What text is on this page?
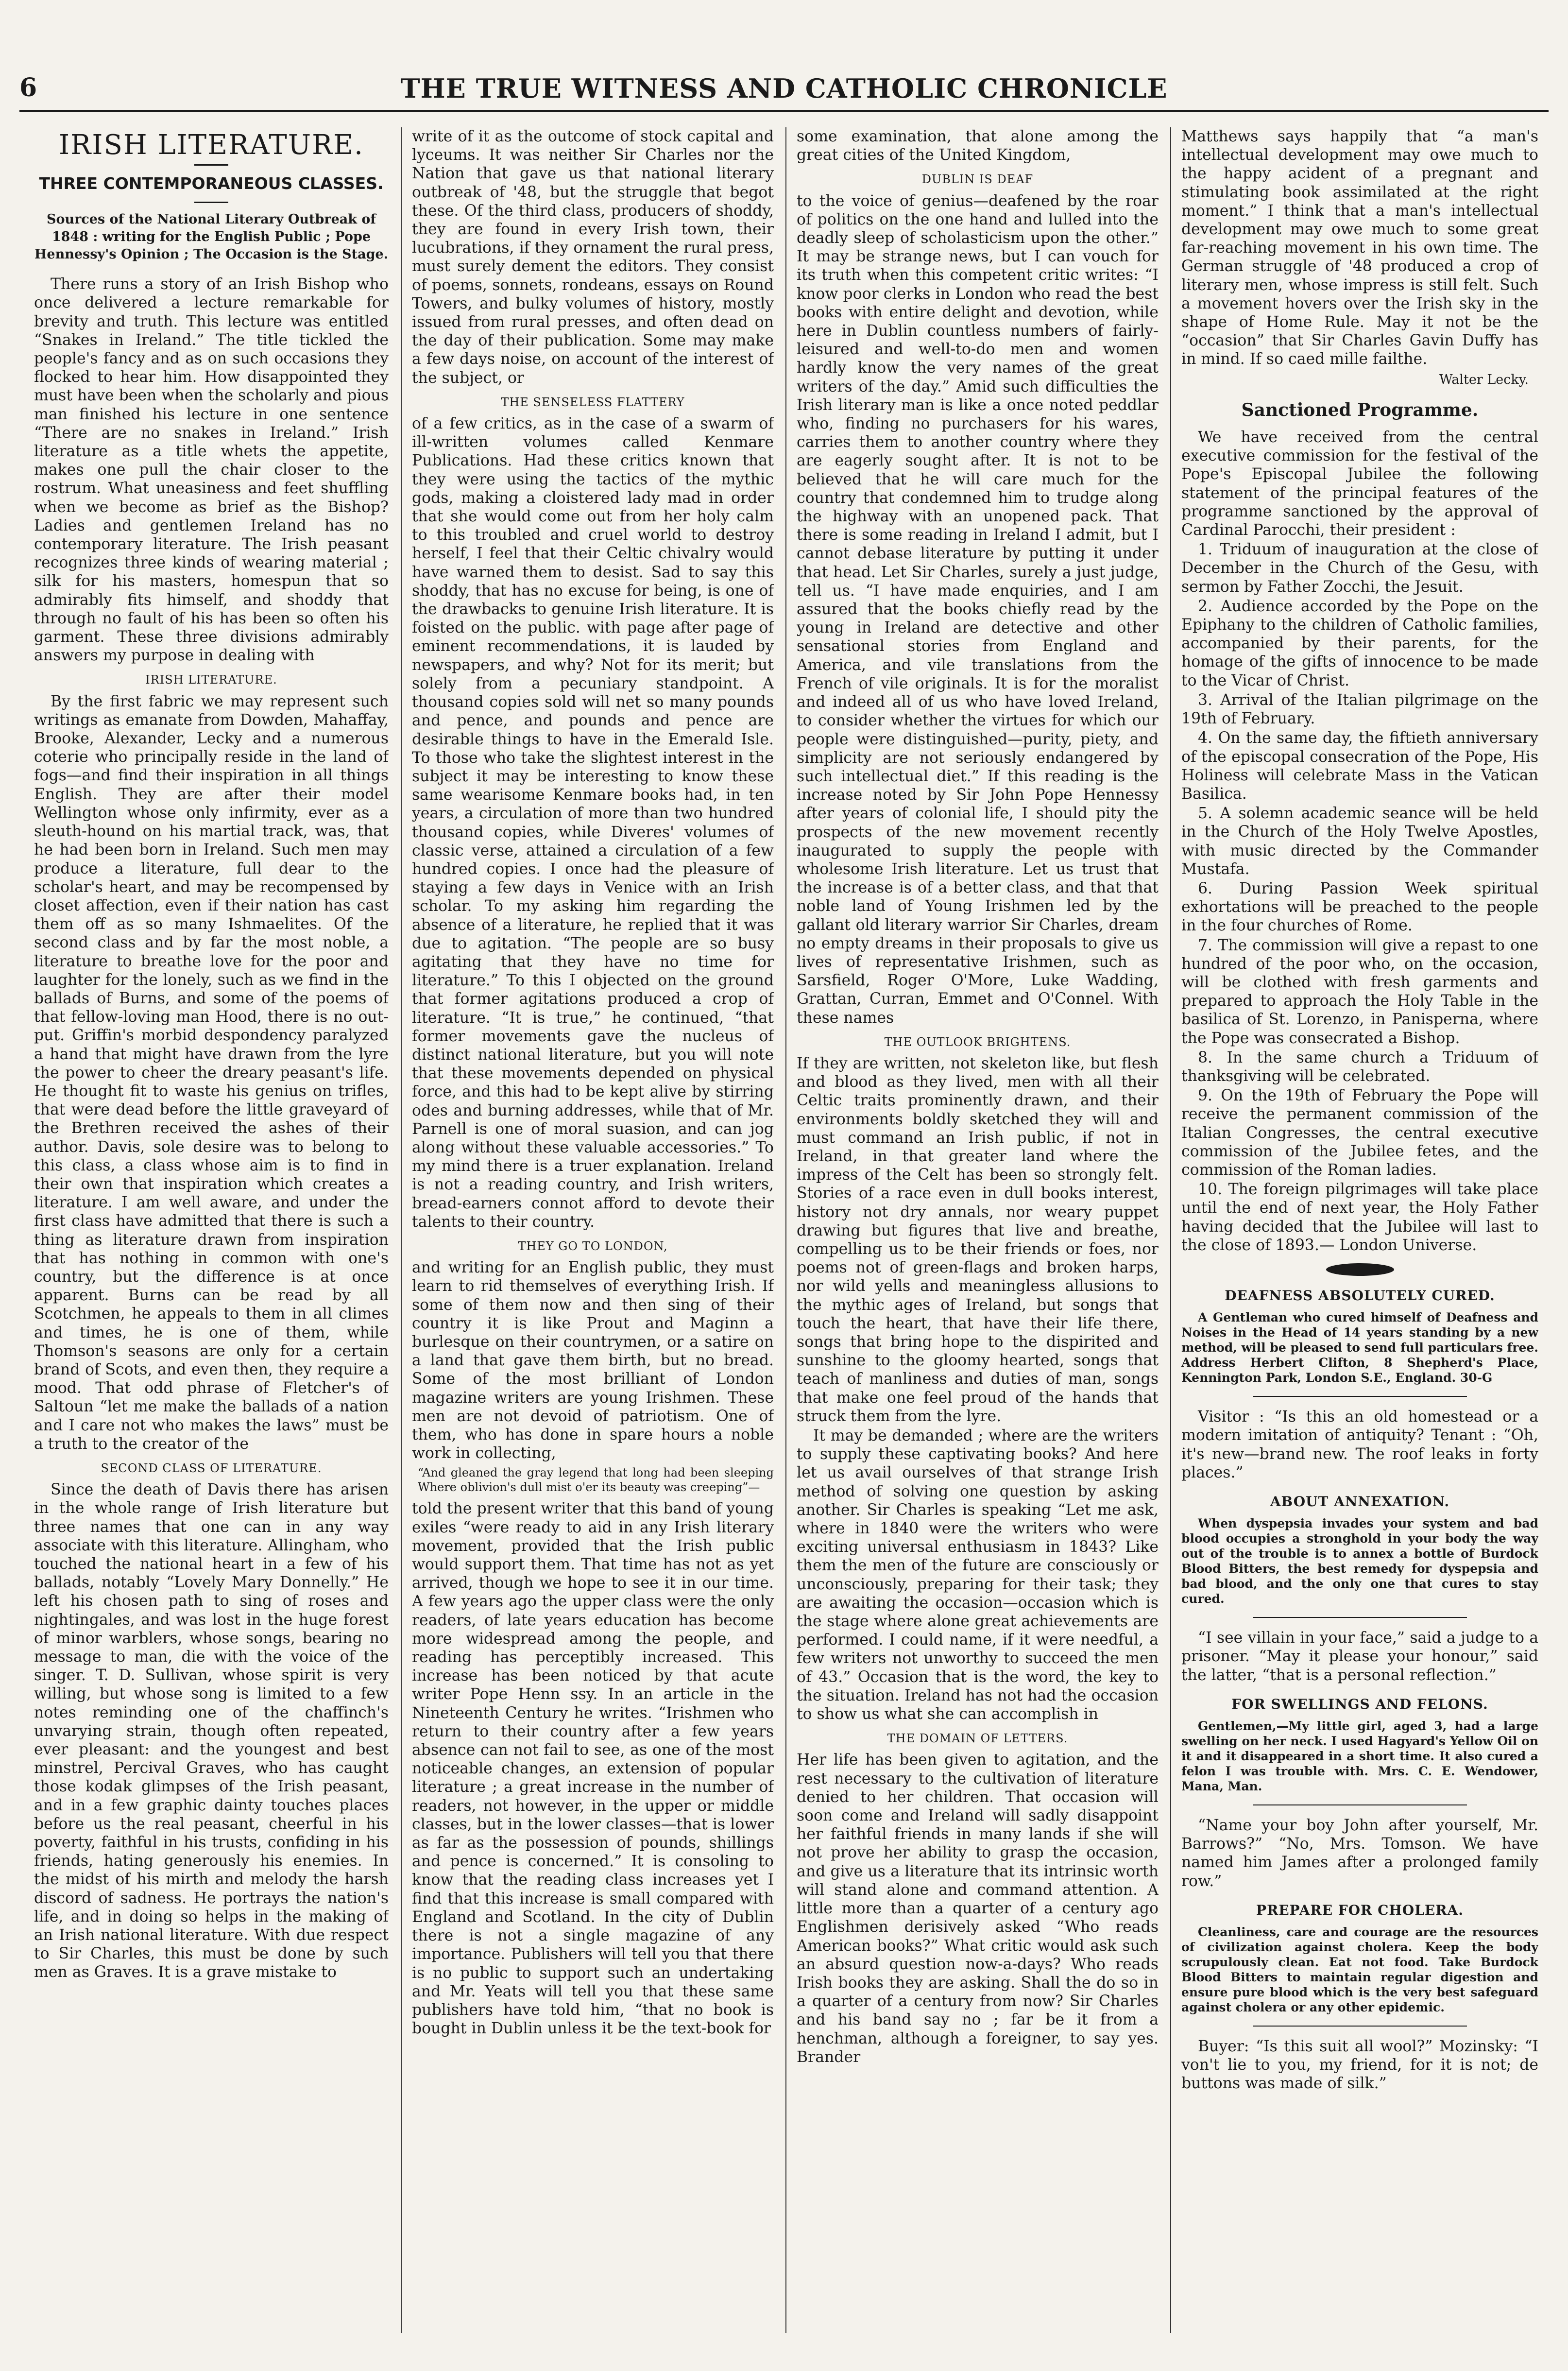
6	THE TRUE WITNESS AND CATHOLIC CHRONICLE
IRISH LITERATURE.
THREE CONTEMPORANEOUS CLASSES.
Sources of the National Literary Outbreak of 1848 : writing for the English Public ; Pope Hennessy's Opinion ; The Occasion is the Stage.

There runs a story of an Irish Bishop who once delivered a lecture remarkable for brevity and truth. This lecture was entitled “Snakes in Ireland.” The title tickled the people's fancy and as on such occasions they flocked to hear him. How disappointed they must have been when the scholarly and pious man finished his lecture in one sentence “There are no snakes in Ireland.” Irish literature as a title whets the appetite, makes one pull the chair closer to the rostrum. What uneasiness and feet shuffling when we become as brief as the Bishop? Ladies and gentlemen Ireland has no contemporary literature. The Irish peasant recognizes three kinds of wearing material ; silk for his masters, homespun that so admirably fits himself, and shoddy that through no fault of his has been so often his garment. These three divisions admirably answers my purpose in dealing with

IRISH LITERATURE.

By the first fabric we may represent such writings as emanate from Dowden, Mahaffay, Brooke, Alexander, Lecky and a numerous coterie who principally reside in the land of fogs—and find their inspiration in all things English. They are after their model Wellington whose only infirmity, ever as a sleuth-hound on his martial track, was, that he had been born in Ireland. Such men may produce a literature, full dear to the scholar's heart, and may be recompensed by closet affection, even if their nation has cast them off as so many Ishmaelites. Of the second class and by far the most noble, a literature to breathe love for the poor and laughter for the lonely, such as we find in the ballads of Burns, and some of the poems of that fellow-loving man Hood, there is no out-put. Griffin's morbid despondency paralyzed a hand that might have drawn from the lyre the power to cheer the dreary peasant's life. He thought fit to waste his genius on trifles, that were dead before the little graveyard of the Brethren received the ashes of their author. Davis, sole desire was to belong to this class, a class whose aim is to find in their own that inspiration which creates a literature. I am well aware, and under the first class have admitted that there is such a thing as literature drawn from inspiration that has nothing in common with one's country, but the difference is at once apparent. Burns can be read by all Scotchmen, he appeals to them in all climes and times, he is one of them, while Thomson's seasons are only for a certain brand of Scots, and even then, they require a mood. That odd phrase of Fletcher's of Saltoun “let me make the ballads of a nation and I care not who makes the laws” must be a truth to the creator of the

SECOND CLASS OF LITERATURE.

Since the death of Davis there has arisen in the whole range of Irish literature but three names that one can in any way associate with this literature. Allingham, who touched the national heart in a few of his ballads, notably “Lovely Mary Donnelly.” He left his chosen path to sing of roses and nightingales, and was lost in the huge forest of minor warblers, whose songs, bearing no message to man, die with the voice of the singer. T. D. Sullivan, whose spirit is very willing, but whose song is limited to a few notes reminding one of the chaffinch's unvarying strain, though often repeated, ever pleasant: and the youngest and best minstrel, Percival Graves, who has caught those kodak glimpses of the Irish peasant, and in a few graphic dainty touches places before us the real peasant, cheerful in his poverty, faithful in his trusts, confiding in his friends, hating generously his enemies. In the midst of his mirth and melody the harsh discord of sadness. He portrays the nation's life, and in doing so helps in the making of an Irish national literature. With due respect to Sir Charles, this must be done by such men as Graves. It is a grave mistake to

write of it as the outcome of stock capital and lyceums. It was neither Sir Charles nor the Nation that gave us that national literary outbreak of '48, but the struggle that begot these. Of the third class, producers of shoddy, they are found in every Irish town, their lucubrations, if they ornament the rural press, must surely dement the editors. They consist of poems, sonnets, rondeans, essays on Round Towers, and bulky volumes of history, mostly issued from rural presses, and often dead on the day of their publication. Some may make a few days noise, on account of the interest of the subject, or

THE SENSELESS FLATTERY

of a few critics, as in the case of a swarm of ill-written volumes called Kenmare Publications. Had these critics known that they were using the tactics of the mythic gods, making a cloistered lady mad in order that she would come out from her holy calm to this troubled and cruel world to destroy herself, I feel that their Celtic chivalry would have warned them to desist. Sad to say this shoddy, that has no excuse for being, is one of the drawbacks to genuine Irish literature. It is foisted on the public. with page after page of eminent recommendations, it is lauded by newspapers, and why? Not for its merit; but solely from a pecuniary standpoint. A thousand copies sold will net so many pounds and pence, and pounds and pence are desirable things to have in the Emerald Isle. To those who take the slightest interest in the subject it may be interesting to know these same wearisome Kenmare books had, in ten years, a circulation of more than two hundred thousand copies, while Diveres' volumes of classic verse, attained a circulation of a few hundred copies. I once had the pleasure of staying a few days in Venice with an Irish scholar. To my asking him regarding the absence of a literature, he replied that it was due to agitation. “The people are so busy agitating that they have no time for literature.” To this I objected on the ground that former agitations produced a crop of literature. “It is true,” he continued, “that former movements gave the nucleus of distinct national literature, but you will note that these movements depended on physical force, and this had to be kept alive by stirring odes and burning addresses, while that of Mr. Parnell is one of moral suasion, and can jog along without these valuable accessories.” To my mind there is a truer explanation. Ireland is not a reading country, and Irish writers, bread-earners connot afford to devote their talents to their country.

THEY GO TO LONDON,

and writing for an English public, they must learn to rid themselves of everything Irish. If some of them now and then sing of their country it is like Prout and Maginn a burlesque on their countrymen, or a satire on a land that gave them birth, but no bread. Some of the most brilliant of London magazine writers are young Irishmen. These men are not devoid of patriotism. One of them, who has done in spare hours a noble work in collecting,

“And gleaned the gray legend that long had been sleeping Where oblivion's dull mist o'er its beauty was creeping”—

told the present writer that this band of young exiles “were ready to aid in any Irish literary movement, provided that the Irish public would support them. That time has not as yet arrived, though we hope to see it in our time. A few years ago the upper class were the only readers, of late years education has become more widespread among the people, and reading has perceptibly increased. This increase has been noticed by that acute writer Pope Henn ssy. In an article in the Nineteenth Century he writes. “Irishmen who return to their country after a few years absence can not fail to see, as one of the most noticeable changes, an extension of popular literature ; a great increase in the number of readers, not however, in the upper or middle classes, but in the lower classes—that is lower as far as the possession of pounds, shillings and pence is concerned.” It is consoling to know that the reading class increases yet I find that this increase is small compared with England and Scotland. In the city of Dublin there is not a single magazine of any importance. Publishers will tell you that there is no public to support such an undertaking and Mr. Yeats will tell you that these same publishers have told him, “that no book is bought in Dublin unless it be the text-book for

some examination, that alone among the great cities of the United Kingdom,

DUBLIN IS DEAF

to the voice of genius—deafened by the roar of politics on the one hand and lulled into the deadly sleep of scholasticism upon the other.” It may be strange news, but I can vouch for its truth when this competent critic writes: “I know poor clerks in London who read the best books with entire delight and devotion, while here in Dublin countless numbers of fairly-leisured and well-to-do men and women hardly know the very names of the great writers of the day.” Amid such difficulties the Irish literary man is like a once noted peddlar who, finding no purchasers for his wares, carries them to another country where they are eagerly sought after. It is not to be believed that he will care much for the country that condemned him to trudge along the highway with an unopened pack. That there is some reading in Ireland I admit, but I cannot debase literature by putting it under that head. Let Sir Charles, surely a just judge, tell us. “I have made enquiries, and I am assured that the books chiefly read by the young in Ireland are detective and other sensational stories from England and America, and vile translations from the French of vile originals. It is for the moralist and indeed all of us who have loved Ireland, to consider whether the virtues for which our people were distinguished—purity, piety, and simplicity are not seriously endangered by such intellectual diet.” If this reading is the increase noted by Sir John Pope Hennessy after years of colonial life, I should pity the prospects of the new movement recently inaugurated to supply the people with wholesome Irish literature. Let us trust that the increase is of a better class, and that that noble land of Young Irishmen led by the gallant old literary warrior Sir Charles, dream no empty dreams in their proposals to give us lives of representative Irishmen, such as Sarsfield, Roger O'More, Luke Wadding, Grattan, Curran, Emmet and O'Connel. With these names

THE OUTLOOK BRIGHTENS.

If they are written, not skeleton like, but flesh and blood as they lived, men with all their Celtic traits prominently drawn, and their environments boldly sketched they will and must command an Irish public, if not in Ireland, in that greater land where the impress of the Celt has been so strongly felt. Stories of a race even in dull books interest, history not dry annals, nor weary puppet drawing but figures that live and breathe, compelling us to be their friends or foes, nor poems not of green-flags and broken harps, nor wild yells and meaningless allusions to the mythic ages of Ireland, but songs that touch the heart, that have their life there, songs that bring hope to the dispirited and sunshine to the gloomy hearted, songs that teach of manliness and duties of man, songs that make one feel proud of the hands that struck them from the lyre.

It may be demanded ; where are the writers to supply these captivating books? And here let us avail ourselves of that strange Irish method of solving one question by asking another. Sir Charles is speaking “Let me ask, where in 1840 were the writers who were exciting universal enthusiasm in 1843? Like them the men of the future are consciously or unconsciously, preparing for their task; they are awaiting the occasion—occasion which is the stage where alone great achievements are performed. I could name, if it were needful, a few writers not unworthy to succeed the men of 43.” Occasion that is the word, the key to the situation. Ireland has not had the occasion to show us what she can accomplish in

THE DOMAIN OF LETTERS.

Her life has been given to agitation, and the rest necessary to the cultivation of literature denied to her children. That occasion will soon come and Ireland will sadly disappoint her faithful friends in many lands if she will not prove her ability to grasp the occasion, and give us a literature that its intrinsic worth will stand alone and command attention. A little more than a quarter of a century ago Englishmen derisively asked “Who reads American books?” What critic would ask such an absurd question now-a-days? Who reads Irish books they are asking. Shall the do so in a quarter of a century from now? Sir Charles and his band say no ; far be it from a henchman, although a foreigner, to say yes. Brander

Matthews says happily that “a man's intellectual development may owe much to the happy acident of a pregnant and stimulating book assimilated at the right moment.” I think that a man's intellectual development may owe much to some great far-reaching movement in his own time. The German struggle of '48 produced a crop of literary men, whose impress is still felt. Such a movement hovers over the Irish sky in the shape of Home Rule. May it not be the “occasion” that Sir Charles Gavin Duffy has in mind. If so caed mille failthe.

Walter Lecky.
Sanctioned Programme.

We have received from the central executive commission for the festival of the Pope's Episcopal Jubilee the following statement of the principal features of the programme sanctioned by the approval of Cardinal Parocchi, their president :

1. Triduum of inauguration at the close of December in the Church of the Gesu, with sermon by Father Zocchi, the Jesuit.

2. Audience accorded by the Pope on the Epiphany to the children of Catholic families, accompanied by their parents, for the homage of the gifts of innocence to be made to the Vicar of Christ.

3. Arrival of the Italian pilgrimage on the 19th of February.

4. On the same day, the fiftieth anniversary of the episcopal consecration of the Pope, His Holiness will celebrate Mass in the Vatican Basilica.

5. A solemn academic seance will be held in the Church of the Holy Twelve Apostles, with music directed by the Commander Mustafa.

6. During Passion Week spiritual exhortations will be preached to the people in the four churches of Rome.

7. The commission will give a repast to one hundred of the poor who, on the occasion, will be clothed with fresh garments and prepared to approach the Holy Table in the basilica of St. Lorenzo, in Panisperna, where the Pope was consecrated a Bishop.

8. In the same church a Triduum of thanksgiving will be celebrated.

9. On the 19th of February the Pope will receive the permanent commission of the Italian Congresses, the central executive commission of the Jubilee fetes, and the commission of the Roman ladies.

10. The foreign pilgrimages will take place until the end of next year, the Holy Father having decided that the Jubilee will last to the close of 1893.— London Universe.

DEAFNESS ABSOLUTELY CURED.

A Gentleman who cured himself of Deafness and Noises in the Head of 14 years standing by a new method, will be pleased to send full particulars free. Address Herbert Clifton, 8 Shepherd's Place, Kennington Park, London S.E., England. 30-G

Visitor : “Is this an old homestead or a modern imitation of antiquity? Tenant : “Oh, it's new—brand new. The roof leaks in forty places.”

ABOUT ANNEXATION.

When dyspepsia invades your system and bad blood occupies a stronghold in your body the way out of the trouble is to annex a bottle of Burdock Blood Bitters, the best remedy for dyspepsia and bad blood, and the only one that cures to stay cured.

“I see villain in your face,” said a judge to a prisoner. “May it please your honour,” said the latter, “that is a personal reflection.”

FOR SWELLINGS AND FELONS.

Gentlemen,—My little girl, aged 3, had a large swelling on her neck. I used Hagyard's Yellow Oil on it and it disappeared in a short time. It also cured a felon I was trouble with. Mrs. C. E. Wendower, Mana, Man.

“Name your boy John after yourself, Mr. Barrows?” “No, Mrs. Tomson. We have named him James after a prolonged family row.”

PREPARE FOR CHOLERA.

Cleanliness, care and courage are the resources of civilization against cholera. Keep the body scrupulously clean. Eat not food. Take Burdock Blood Bitters to maintain regular digestion and ensure pure blood which is the very best safeguard against cholera or any other epidemic.

Buyer: “Is this suit all wool?” Mozinsky: “I von't lie to you, my friend, for it is not; de buttons was made of silk.”
